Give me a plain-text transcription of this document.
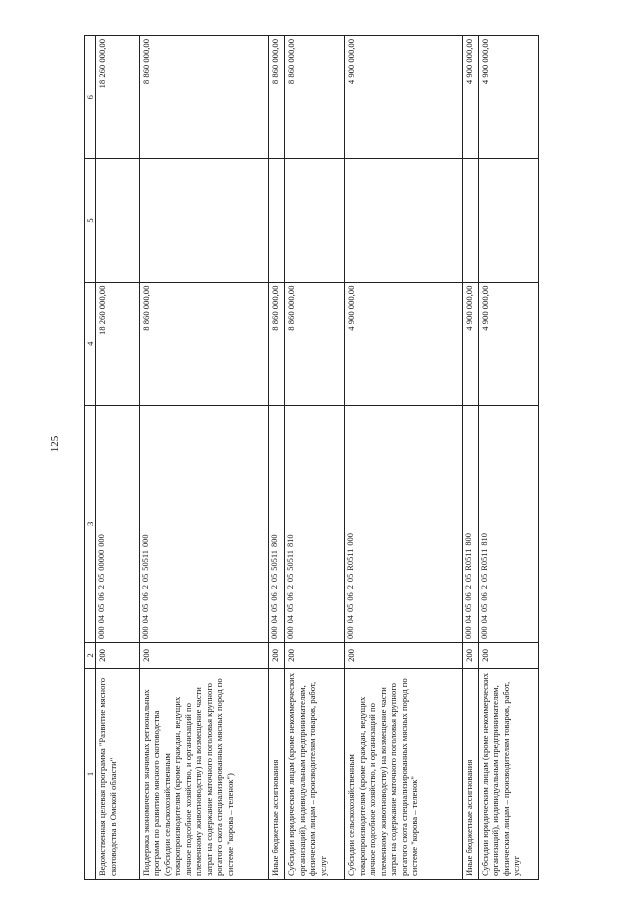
125
1	2	3	4	5	6
Ведомственная целевая программа "Развитие мясного скотоводства в Омской области"	200	00004050620500000000	18 260 000,00		18 260 000,00
Поддержка экономически значимых региональных программ по развитию мясного скотоводства (субсидии сельскохозяйственным товаропроизводителям (кроме граждан, ведущих личное подсобное хозяйство, и организаций по племенному животноводству) на возмещение части затрат на содержание маточного поголовья крупного рогатого скота специализированных мясных пород по системе "корова – теленок")	200	00004050620550511000	8 860 000,00		8 860 000,00
Иные бюджетные ассигнования	200	00004050620550511800	8 860 000,00		8 860 000,00
Субсидии юридическим лицам (кроме некоммерческих организаций), индивидуальным предпринимателям, физическим лицам – производителям товаров, работ, услуг	200	00004050620550511810	8 860 000,00		8 860 000,00
Субсидии сельскохозяйственным товаропроизводителям (кроме граждан, ведущих личное подсобное хозяйство, и организаций по племенному животноводству) на возмещение части затрат на содержание маточного поголовья крупного рогатого скота специализированных мясных пород по системе "корова – теленок"	200	000040506205R0511000	4 900 000,00		4 900 000,00
Иные бюджетные ассигнования	200	000040506205R0511800	4 900 000,00		4 900 000,00
Субсидии юридическим лицам (кроме некоммерческих организаций), индивидуальным предпринимателям, физическим лицам – производителям товаров, работ, услуг	200	000040506205R0511810	4 900 000,00		4 900 000,00
